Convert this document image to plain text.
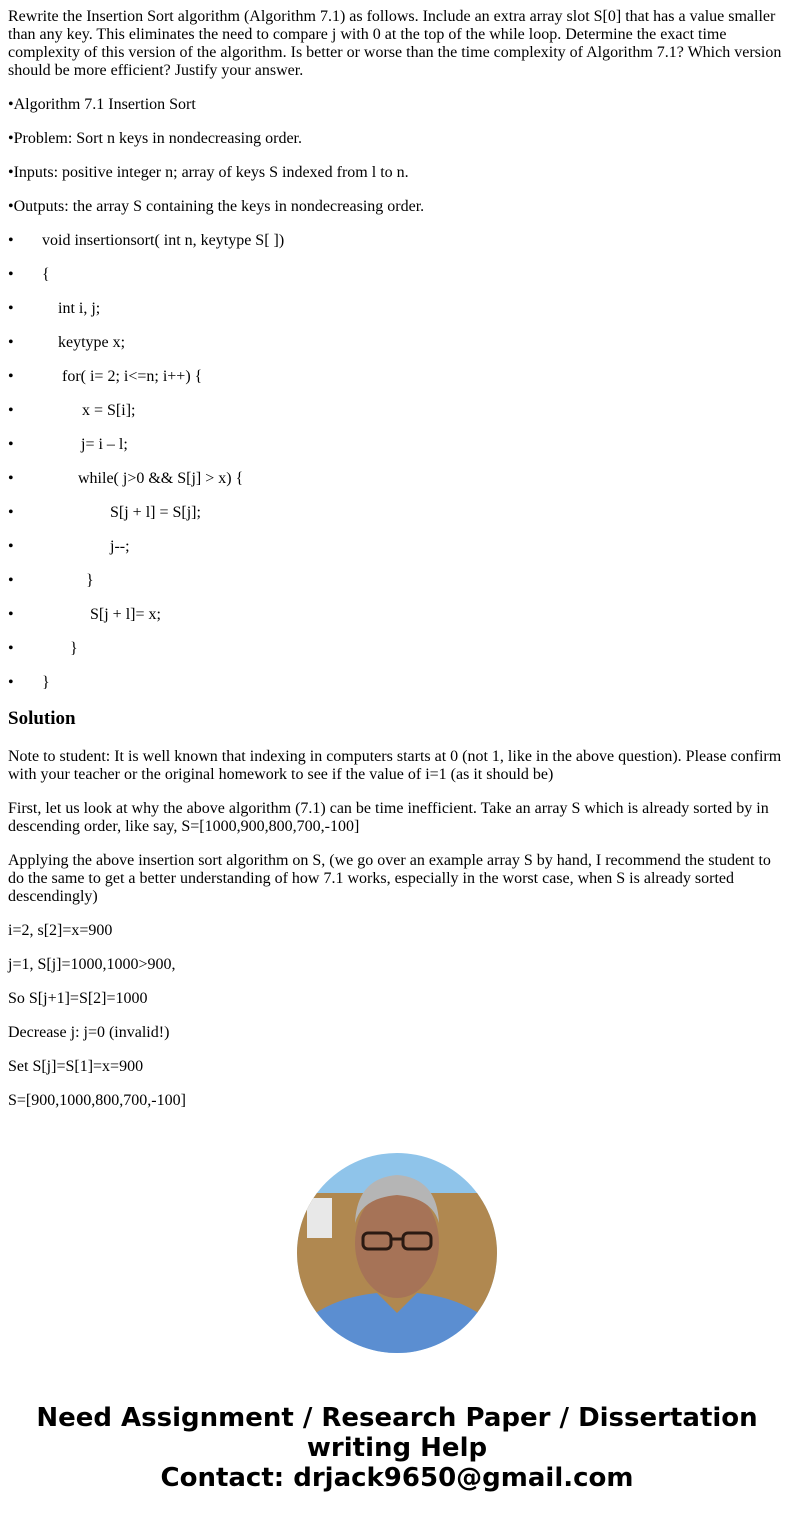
Rewrite the Insertion Sort algorithm (Algorithm 7.1) as follows. Include an extra array slot S[0] that has a value smaller than any key. This eliminates the need to compare j with 0 at the top of the while loop. Determine the exact time complexity of this version of the algorithm. Is better or worse than the time complexity of Algorithm 7.1? Which version should be more efficient? Justify your answer.

•Algorithm 7.1 Insertion Sort

•Problem: Sort n keys in nondecreasing order.

•Inputs: positive integer n; array of keys S indexed from l to n.

•Outputs: the array S containing the keys in nondecreasing order.

• void insertionsort( int n, keytype S[ ])

• {

•	int i, j;

•	keytype x;

•	for( i= 2; i<=n; i++) {

•	x = S[i];

•	j= i – l;

•	while( j>0 && S[j] > x) {

•	S[j + l] = S[j];

•	j--;

•	}

•	S[j + l]= x;

•	}

• }

Solution

Note to student: It is well known that indexing in computers starts at 0 (not 1, like in the above question). Please confirm with your teacher or the original homework to see if the value of i=1 (as it should be)

First, let us look at why the above algorithm (7.1) can be time inefficient. Take an array S which is already sorted by in descending order, like say, S=[1000,900,800,700,-100]

Applying the above insertion sort algorithm on S, (we go over an example array S by hand, I recommend the student to do the same to get a better understanding of how 7.1 works, especially in the worst case, when S is already sorted descendingly)

i=2, s[2]=x=900

j=1, S[j]=1000,1000>900,

So S[j+1]=S[2]=1000

Decrease j: j=0 (invalid!)

Set S[j]=S[1]=x=900

S=[900,1000,800,700,-100]

Need Assignment / Research Paper / Dissertation writing Help
Contact: drjack9650@gmail.com
